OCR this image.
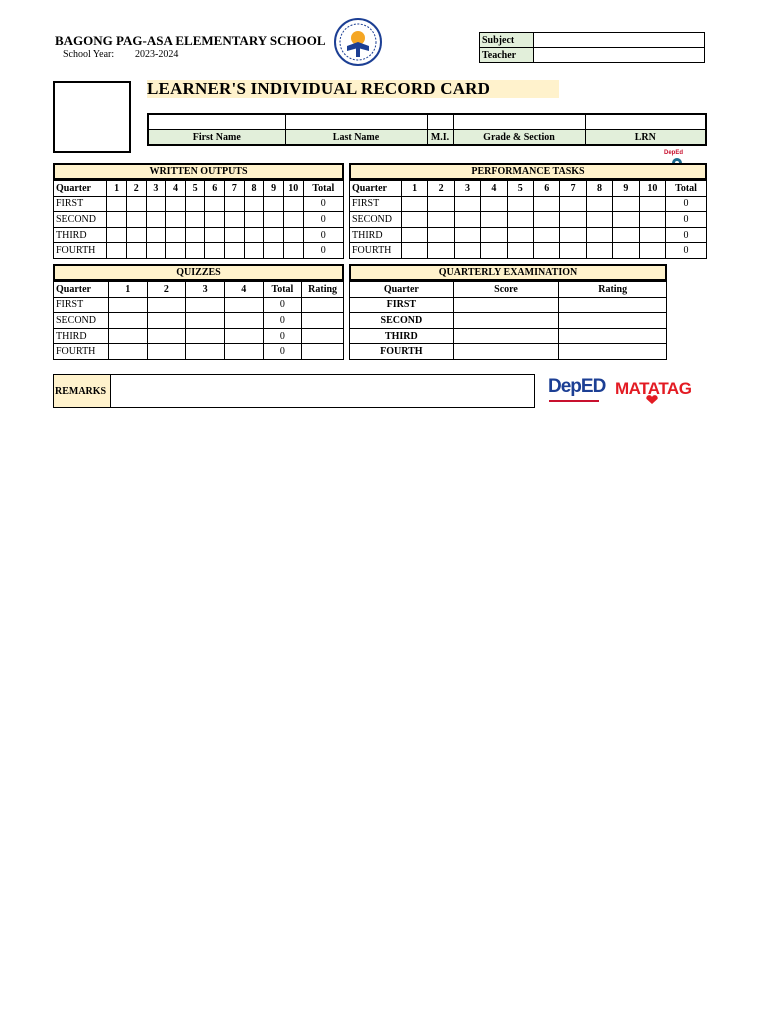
BAGONG PAG-ASA ELEMENTARY SCHOOL
School Year: 2023-2024
Subject	
Teacher	
LEARNER'S INDIVIDUAL RECORD CARD

First Name	Last Name	M.I.	Grade & Section	LRN
DepEd
WRITTEN OUTPUTS
Quarter	1	2	3	4	5	6	7	8	9	10	Total
FIRST											0
SECOND											0
THIRD											0
FOURTH											0
PERFORMANCE TASKS
Quarter	1	2	3	4	5	6	7	8	9	10	Total
FIRST											0
SECOND											0
THIRD											0
FOURTH											0
QUIZZES
Quarter	1	2	3	4	Total	Rating
FIRST					0	
SECOND					0	
THIRD					0	
FOURTH					0	
QUARTERLY EXAMINATION
Quarter	Score	Rating
FIRST		
SECOND		
THIRD		
FOURTH		
REMARKS	DepED MATATAG
